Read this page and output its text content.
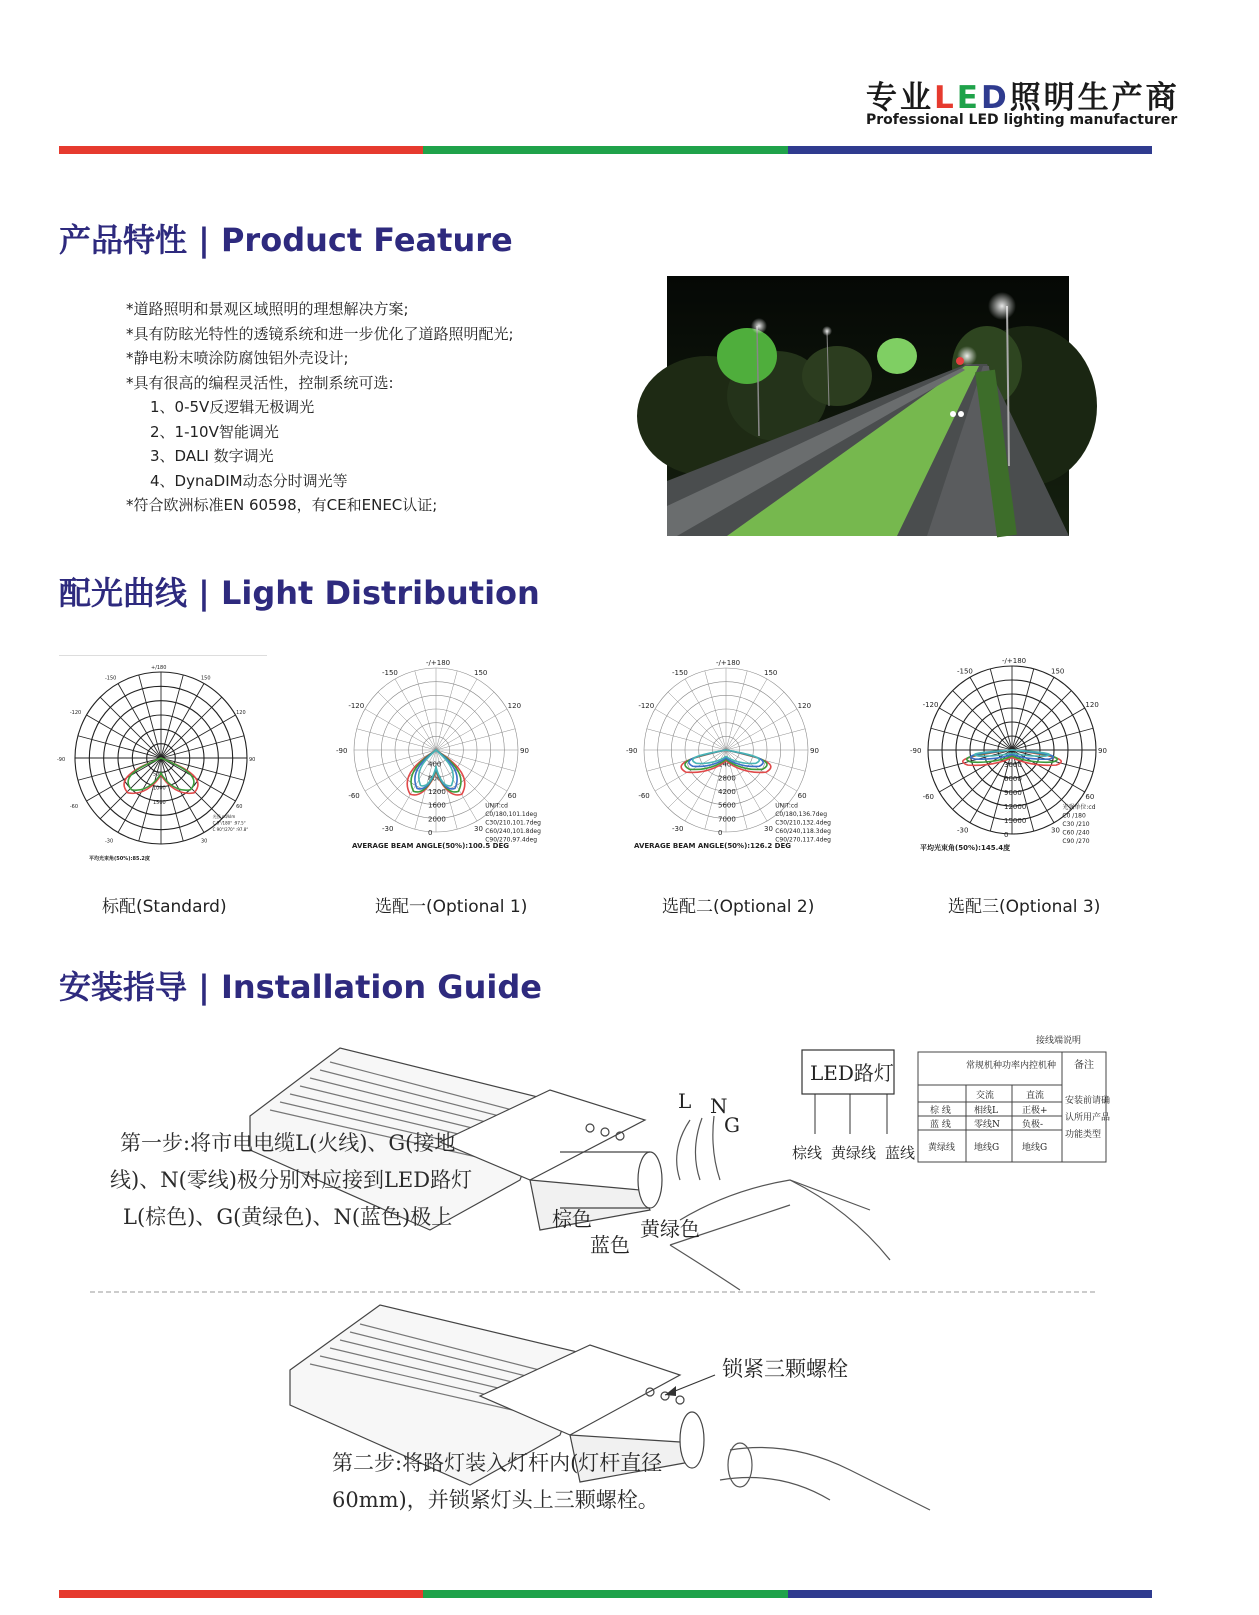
专业LED照明生产商
Professional LED lighting manufacturer
产品特性 | Product Feature
*道路照明和景观区域照明的理想解决方案;
*具有防眩光特性的透镜系统和进一步优化了道路照明配光;
*静电粉末喷涂防腐蚀铝外壳设计;
*具有很高的编程灵活性，控制系统可选:
1、0-5V反逻辑无极调光
2、1-10V智能调光
3、DALI 数字调光
4、DynaDIM动态分时调光等
*符合欧洲标准EN 60598，有CE和ENEC认证;
配光曲线 | Light Distribution
+/180
-150	150
-120	120
-90	90
-60	60
-30	30
500
1000
1500
光强 cd/klm
C 0°/180° :97.5°
C 90°/270° :97.8°
平均光束角(50%):85.2度
-/+180
-150	150
-120	120
-90	90
-60	60
-30	30
400
800
1200
1600
2000
0
UNIT:cd
C0/180,101.1deg
C30/210,101.7deg
C60/240,101.8deg
C90/270,97.4deg
AVERAGE BEAM ANGLE(50%):100.5 DEG
-/+180
-150	150
-120	120
-90	90
-60	60
-30	30
1400
2800
4200
5600
7000
0
UNIT:cd
C0/180,136.7deg
C30/210,132.4deg
C60/240,118.3deg
C90/270,117.4deg
AVERAGE BEAM ANGLE(50%):126.2 DEG
-/+180
-150	150
-120	120
-90	90
-60	60
-30	30
3000
6000
9000
12000
15000
0
光强单位:cd
C0 /180
C30 /210
C60 /240
C90 /270
平均光束角(50%):145.4度
标配(Standard)	选配一(Optional 1)	选配二(Optional 2)	选配三(Optional 3)
安装指导 | Installation Guide
L N
G
棕色 黄绿色
蓝色
第一步:将市电电缆L(火线)、G(接地
线)、N(零线)极分别对应接到LED路灯
L(棕色)、G(黄绿色)、N(蓝色)极上
LED路灯
棕线 黄绿线 蓝线
接线端说明
常规机种功率内控机种 备注
交流	直流
棕 线	相线L	正极+
蓝 线	零线N 负极-
黄绿线 地线G	地线G
安装前请确
认所用产品
功能类型
锁紧三颗螺栓
第二步:将路灯装入灯杆内(灯杆直径
60mm)，并锁紧灯头上三颗螺栓。
